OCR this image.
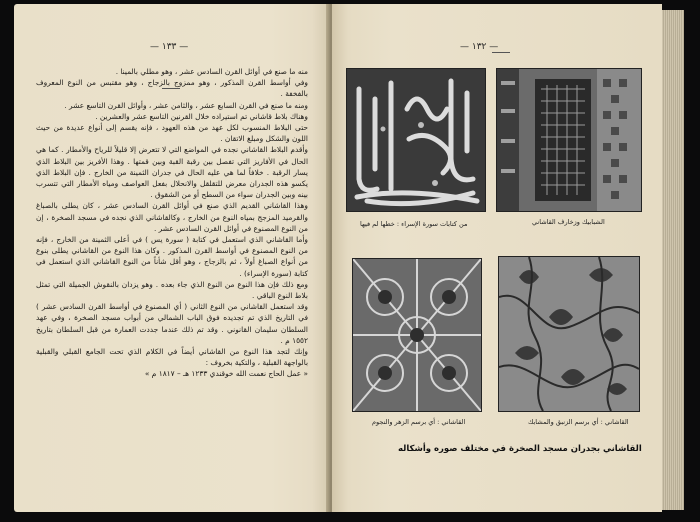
— ١٣٣ —

منه ما صنع في أوائل القرن السادس عشر ، وهو مطلي بالمينا .

وفي أواسط القرن المذكور ، وهو ممزوج بالزجاج ، وهو مقتبس من النوع المعروف بالفخفة .

ومنه ما صنع في القرن السابع عشر ، والثامن عشر ، وأوائل القرن التاسع عشر .

وهناك بلاط قاشاني تم استيراده خلال القرنين التاسع عشر والعشرين .

حتى البلاط المنسوب لكل عهد من هذه العهود ، فإنه يقسم إلى أنواع عديدة من حيث اللون والشكل ومبلغ الاتقان .

وأقدم البلاط القاشاني نجده في المواضع التي لا تتعرض إلا قليلاً للرياح والأمطار . كما هي الحال في الأفاريز التي تفصل بين رقبة القبة وبين قمتها . وهذا الأفريز بين البلاط الذي يسار الرقبة . خلافاً لما هي عليه الحال في جدران الثمينة من الخارج . فإن البلاط الذي يكسو هذه الجدران معرض للتقلقل والانحلال بفعل العواصف ومياه الأمطار التي تتسرب بينه وبين الجدران سواء من السطح أو من الشقوق .

وهذا القاشاني القديم الذي صنع في أوائل القرن السادس عشر ، كان يطلى بالصباغ والقرميد المزجج بمياه النوع من الخارج ، وكالقاشاني الذي نجده في مسجد الصخرة ، إن من النوع المصنوع في أوائل القرن السادس عشر .

وأما القاشاني الذي استعمل في كتابة ( سورة يس ) في أعلى الثمينة من الخارج ، فإنه من النوع المصنوع في أواسط القرن المذكور . وكان هذا النوع من القاشاني يطلى بنوع من أنواع الصباغ أولاً ، ثم بالزجاج ، وهو أقل شأناً من النوع القاشاني الذي استعمل في كتابة (سورة الإسراء) .

ومع ذلك فإن هذا النوع من النوع الذي جاء بعده . وهو يزدان بالنقوش الجميلة التي تمثل بلاط النوع الباقي .

وقد استعمل القاشاني من النوع الثاني ( أي المصنوع في أواسط القرن السادس عشر ) في التاريخ الذي تم تجديده فوق الباب الشمالي من أبواب مسجد الصخرة ، وفي عهد السلطان سليمان القانوني . وقد تم ذلك عندما جددت العمارة من قبل السلطان بتاريخ ١٥٥٢ م .

وإنك لتجد هذا النوع من القاشاني أيضاً في الكلام الذي تحت الجامع القبلي والقبلية بالواجهة القبلية ، والتكية بخروف :

« عمل الحاج نعمت الله خوقندي ١٢٣٣ هـ – ١٨١٧ م »

— ١٣٢ —
من كتابات سورة الإسراء : خطها لم فيها	الشبابيك وزخارف القاشاني
القاشاني : أي برسم الزهر والنجوم	القاشاني : أي برسم الزنبق والمشابك
القاشاني بجدران مسجد الصخرة في مختلف صوره وأشكاله
